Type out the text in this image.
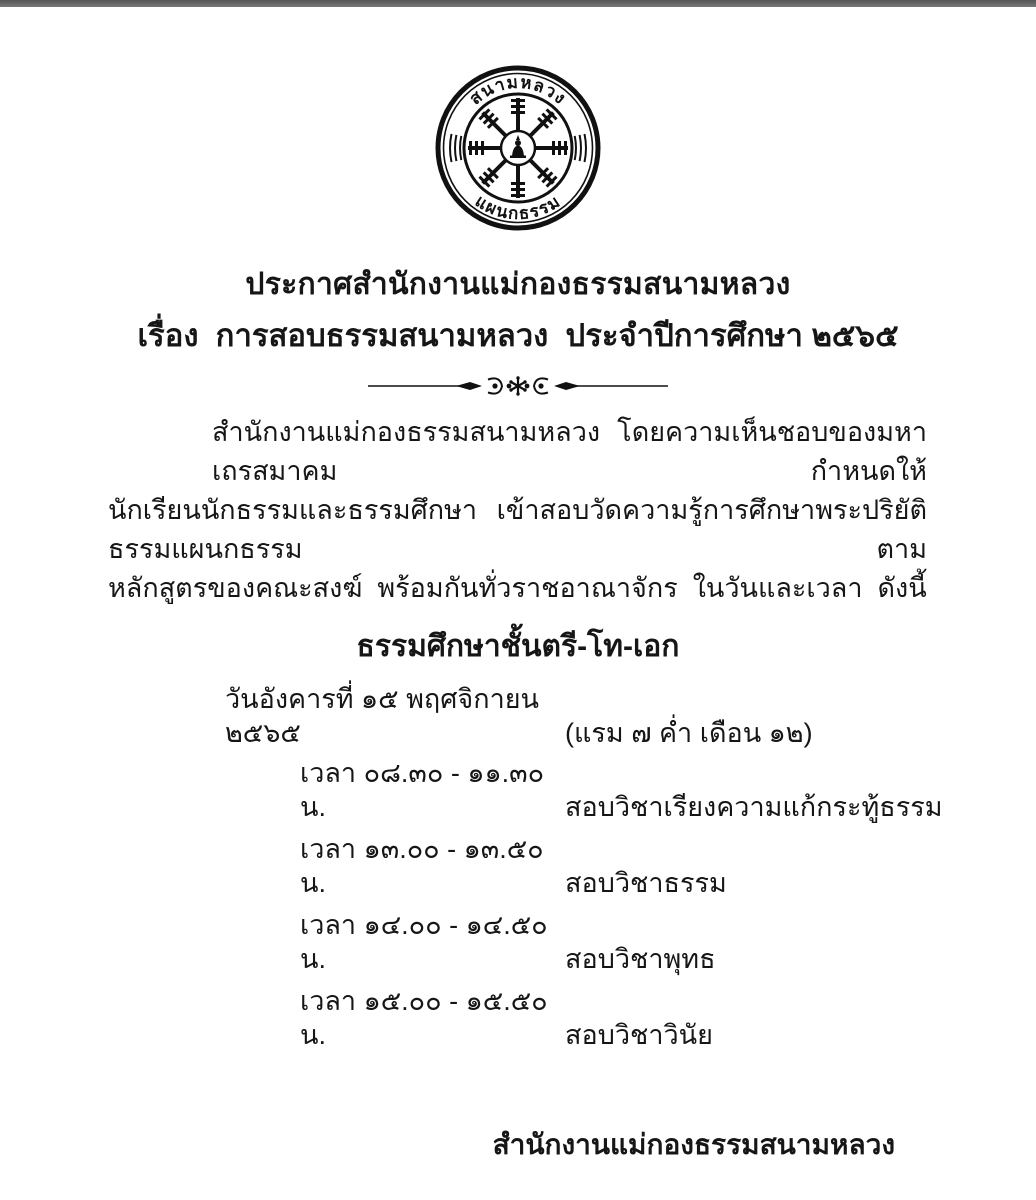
สนามหลวง
แผนกธรรม
ประกาศสำนักงานแม่กองธรรมสนามหลวง
เรื่อง  การสอบธรรมสนามหลวง  ประจำปีการศึกษา ๒๕๖๕
สำนักงานแม่กองธรรมสนามหลวง โดยความเห็นชอบของมหาเถรสมาคม กำหนดให้
นักเรียนนักธรรมและธรรมศึกษา เข้าสอบวัดความรู้การศึกษาพระปริยัติธรรมแผนกธรรม ตาม
หลักสูตรของคณะสงฆ์  พร้อมกันทั่วราชอาณาจักร  ในวันและเวลา  ดังนี้
ธรรมศึกษาชั้นตรี-โท-เอก
วันอังคารที่ ๑๕ พฤศจิกายน ๒๕๖๕	(แรม ๗ ค่ำ เดือน ๑๒)
เวลา ๐๘.๓๐ - ๑๑.๓๐ น.	สอบวิชาเรียงความแก้กระทู้ธรรม
เวลา ๑๓.๐๐ - ๑๓.๕๐ น.	สอบวิชาธรรม
เวลา ๑๔.๐๐ - ๑๔.๕๐ น.	สอบวิชาพุทธ
เวลา ๑๕.๐๐ - ๑๕.๕๐ น.	สอบวิชาวินัย
สำนักงานแม่กองธรรมสนามหลวง
